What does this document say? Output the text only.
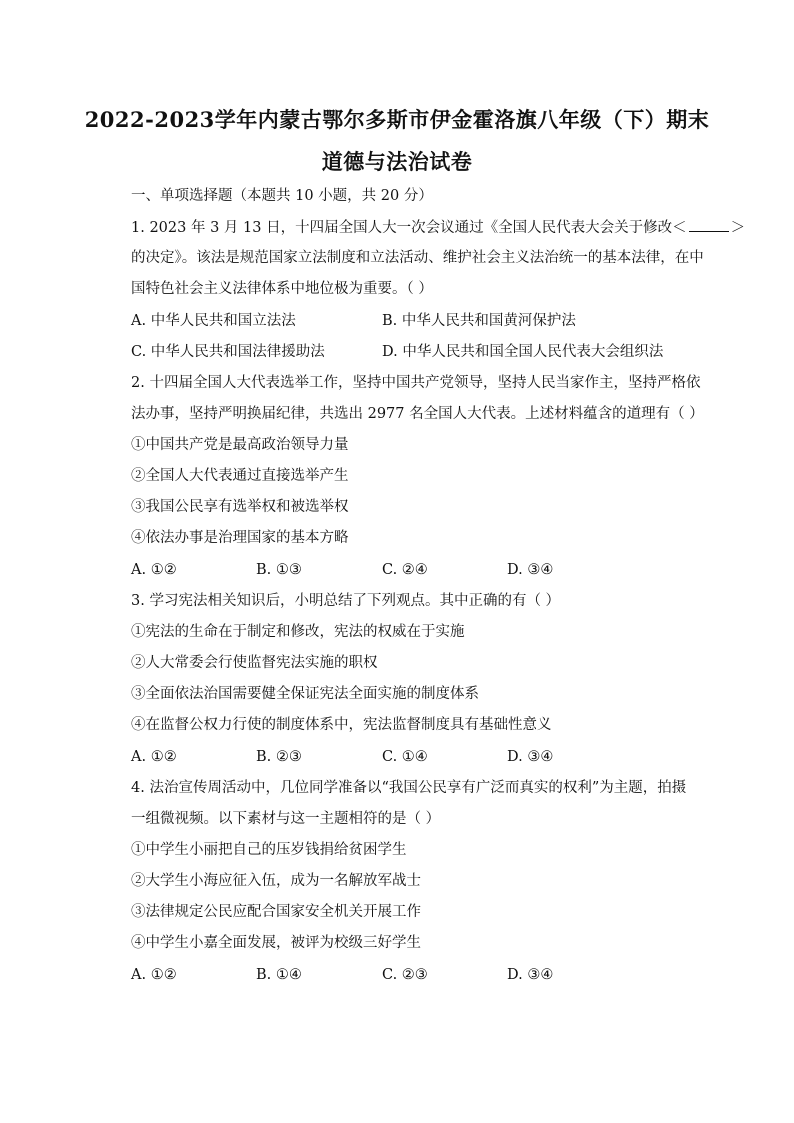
2022-2023学年内蒙古鄂尔多斯市伊金霍洛旗八年级（下）期末
道德与法治试卷
一、单项选择题（本题共 10 小题，共 20 分）
1. 2023 年 3 月 13 日，十四届全国人大一次会议通过《全国人民代表大会关于修改＜	＞
的决定》。该法是规范国家立法制度和立法活动、维护社会主义法治统一的基本法律，在中
国特色社会主义法律体系中地位极为重要。（ ）
A. 中华人民共和国立法法	B. 中华人民共和国黄河保护法
C. 中华人民共和国法律援助法	D. 中华人民共和国全国人民代表大会组织法
2. 十四届全国人大代表选举工作，坚持中国共产党领导，坚持人民当家作主，坚持严格依
法办事，坚持严明换届纪律，共选出 2977 名全国人大代表。上述材料蕴含的道理有（ ）
①中国共产党是最高政治领导力量
②全国人大代表通过直接选举产生
③我国公民享有选举权和被选举权
④依法办事是治理国家的基本方略
A. ①②	B. ①③	C. ②④	D. ③④
3. 学习宪法相关知识后，小明总结了下列观点。其中正确的有（ ）
①宪法的生命在于制定和修改，宪法的权威在于实施
②人大常委会行使监督宪法实施的职权
③全面依法治国需要健全保证宪法全面实施的制度体系
④在监督公权力行使的制度体系中，宪法监督制度具有基础性意义
A. ①②	B. ②③	C. ①④	D. ③④
4. 法治宣传周活动中，几位同学准备以“我国公民享有广泛而真实的权利”为主题，拍摄
一组微视频。以下素材与这一主题相符的是（ ）
①中学生小丽把自己的压岁钱捐给贫困学生
②大学生小海应征入伍，成为一名解放军战士
③法律规定公民应配合国家安全机关开展工作
④中学生小嘉全面发展，被评为校级三好学生
A. ①②	B. ①④	C. ②③	D. ③④
